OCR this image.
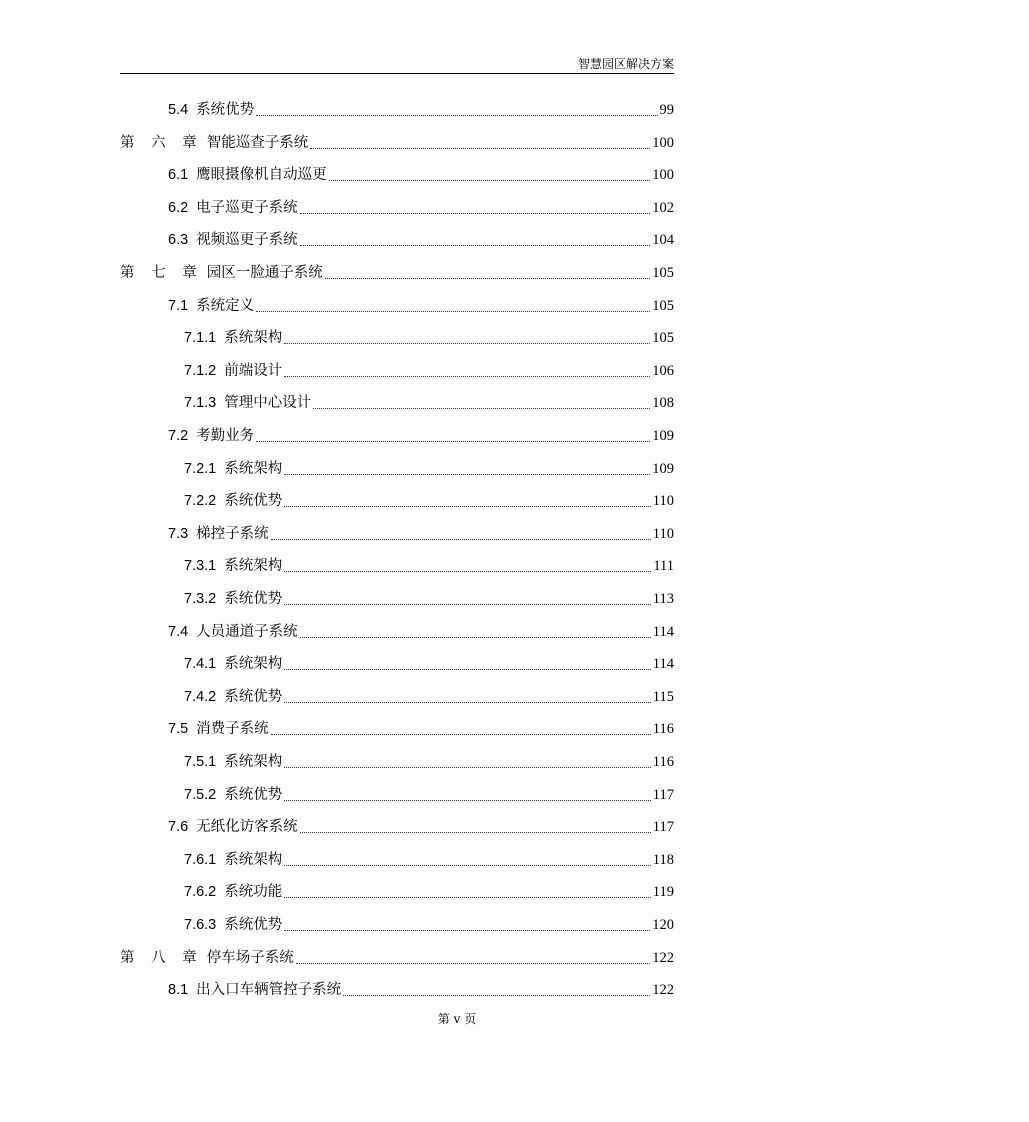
智慧园区解决方案
5.4 系统优势	99
第 六 章 智能巡查子系统	100
6.1 鹰眼摄像机自动巡更	100
6.2 电子巡更子系统	102
6.3 视频巡更子系统	104
第 七 章 园区一脸通子系统	105
7.1 系统定义	105
7.1.1 系统架构	105
7.1.2 前端设计	106
7.1.3 管理中心设计	108
7.2 考勤业务	109
7.2.1 系统架构	109
7.2.2 系统优势	110
7.3 梯控子系统	110
7.3.1 系统架构	111
7.3.2 系统优势	113
7.4 人员通道子系统	114
7.4.1 系统架构	114
7.4.2 系统优势	115
7.5 消费子系统	116
7.5.1 系统架构	116
7.5.2 系统优势	117
7.6 无纸化访客系统	117
7.6.1 系统架构	118
7.6.2 系统功能	119
7.6.3 系统优势	120
第 八 章 停车场子系统	122
8.1 出入口车辆管控子系统	122
第 v 页
